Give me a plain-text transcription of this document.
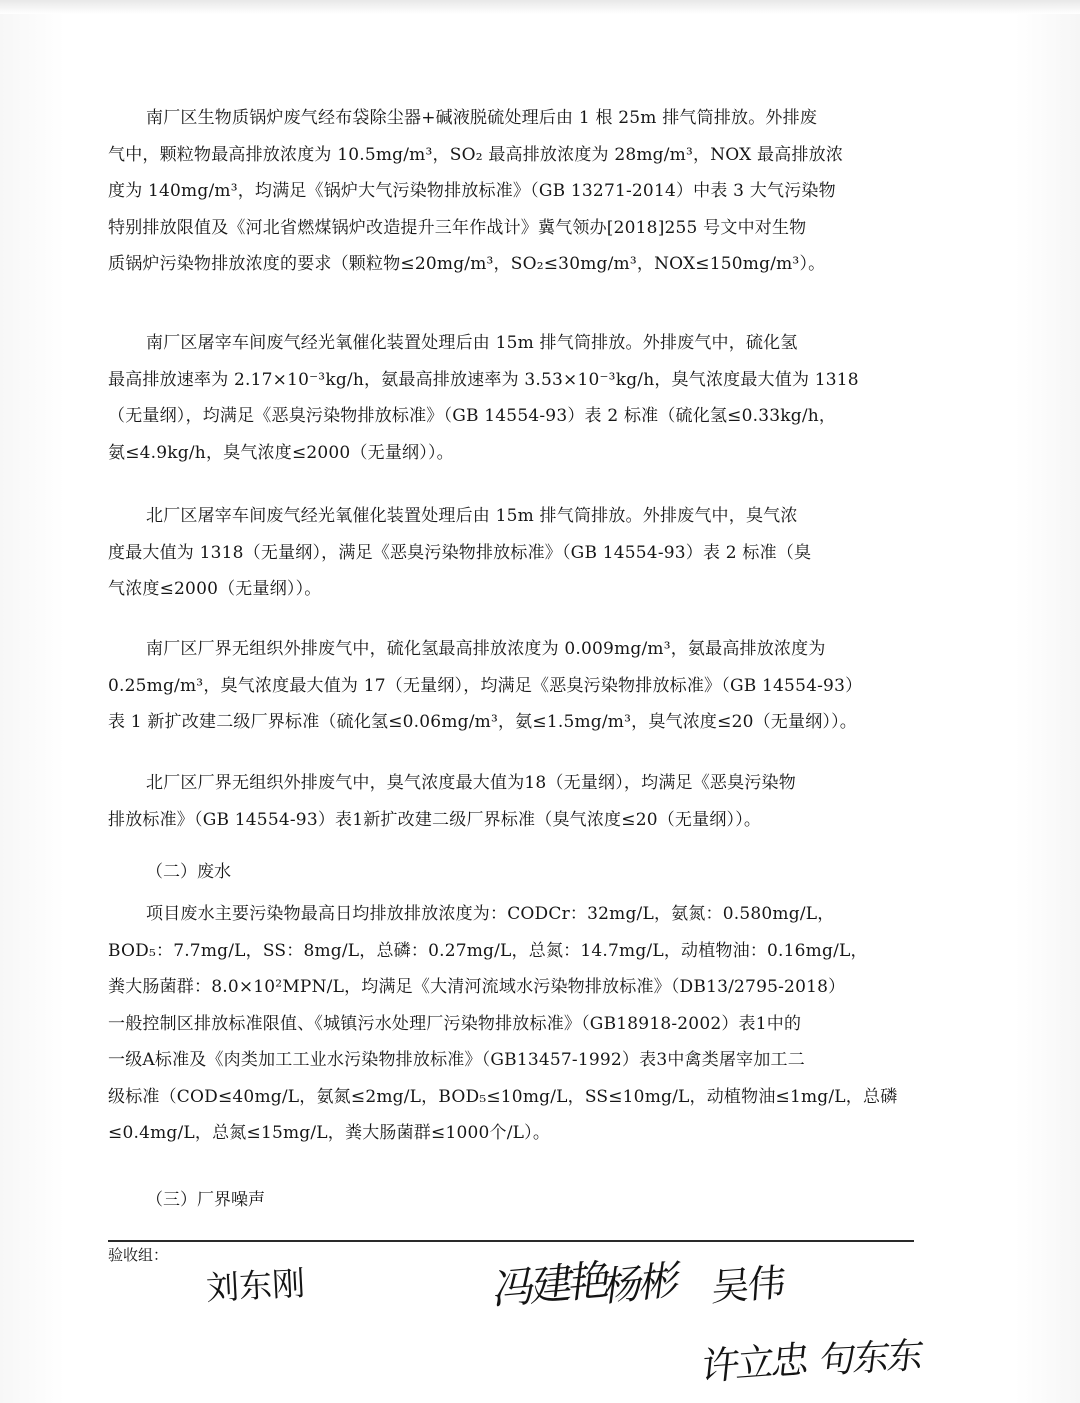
南厂区生物质锅炉废气经布袋除尘器+碱液脱硫处理后由 1 根 25m 排气筒排放。外排废
气中，颗粒物最高排放浓度为 10.5mg/m³，SO₂ 最高排放浓度为 28mg/m³，NOX 最高排放浓
度为 140mg/m³，均满足《锅炉大气污染物排放标准》（GB 13271-2014）中表 3 大气污染物
特别排放限值及《河北省燃煤锅炉改造提升三年作战计》冀气领办[2018]255 号文中对生物
质锅炉污染物排放浓度的要求（颗粒物≤20mg/m³，SO₂≤30mg/m³，NOX≤150mg/m³）。

南厂区屠宰车间废气经光氧催化装置处理后由 15m 排气筒排放。外排废气中，硫化氢
最高排放速率为 2.17×10⁻³kg/h，氨最高排放速率为 3.53×10⁻³kg/h，臭气浓度最大值为 1318
（无量纲），均满足《恶臭污染物排放标准》（GB 14554-93）表 2 标准（硫化氢≤0.33kg/h，
氨≤4.9kg/h，臭气浓度≤2000（无量纲））。

北厂区屠宰车间废气经光氧催化装置处理后由 15m 排气筒排放。外排废气中，臭气浓
度最大值为 1318（无量纲），满足《恶臭污染物排放标准》（GB 14554-93）表 2 标准（臭
气浓度≤2000（无量纲））。

南厂区厂界无组织外排废气中，硫化氢最高排放浓度为 0.009mg/m³，氨最高排放浓度为
0.25mg/m³，臭气浓度最大值为 17（无量纲），均满足《恶臭污染物排放标准》（GB 14554-93）
表 1 新扩改建二级厂界标准（硫化氢≤0.06mg/m³，氨≤1.5mg/m³，臭气浓度≤20（无量纲））。

北厂区厂界无组织外排废气中，臭气浓度最大值为18（无量纲），均满足《恶臭污染物
排放标准》（GB 14554-93）表1新扩改建二级厂界标准（臭气浓度≤20（无量纲））。

（二）废水

项目废水主要污染物最高日均排放排放浓度为：CODCr：32mg/L，氨氮：0.580mg/L，
BOD₅：7.7mg/L，SS：8mg/L，总磷：0.27mg/L，总氮：14.7mg/L，动植物油：0.16mg/L，
粪大肠菌群：8.0×10²MPN/L，均满足《大清河流域水污染物排放标准》（DB13/2795-2018）
一般控制区排放标准限值、《城镇污水处理厂污染物排放标准》（GB18918-2002）表1中的
一级A标准及《肉类加工工业水污染物排放标准》（GB13457-1992）表3中禽类屠宰加工二
级标准（COD≤40mg/L，氨氮≤2mg/L，BOD₅≤10mg/L，SS≤10mg/L，动植物油≤1mg/L，总磷
≤0.4mg/L，总氮≤15mg/L，粪大肠菌群≤1000个/L）。

（三）厂界噪声
验收组：
刘东刚	冯建艳
杨彬 吴伟
许立忠 句东东
